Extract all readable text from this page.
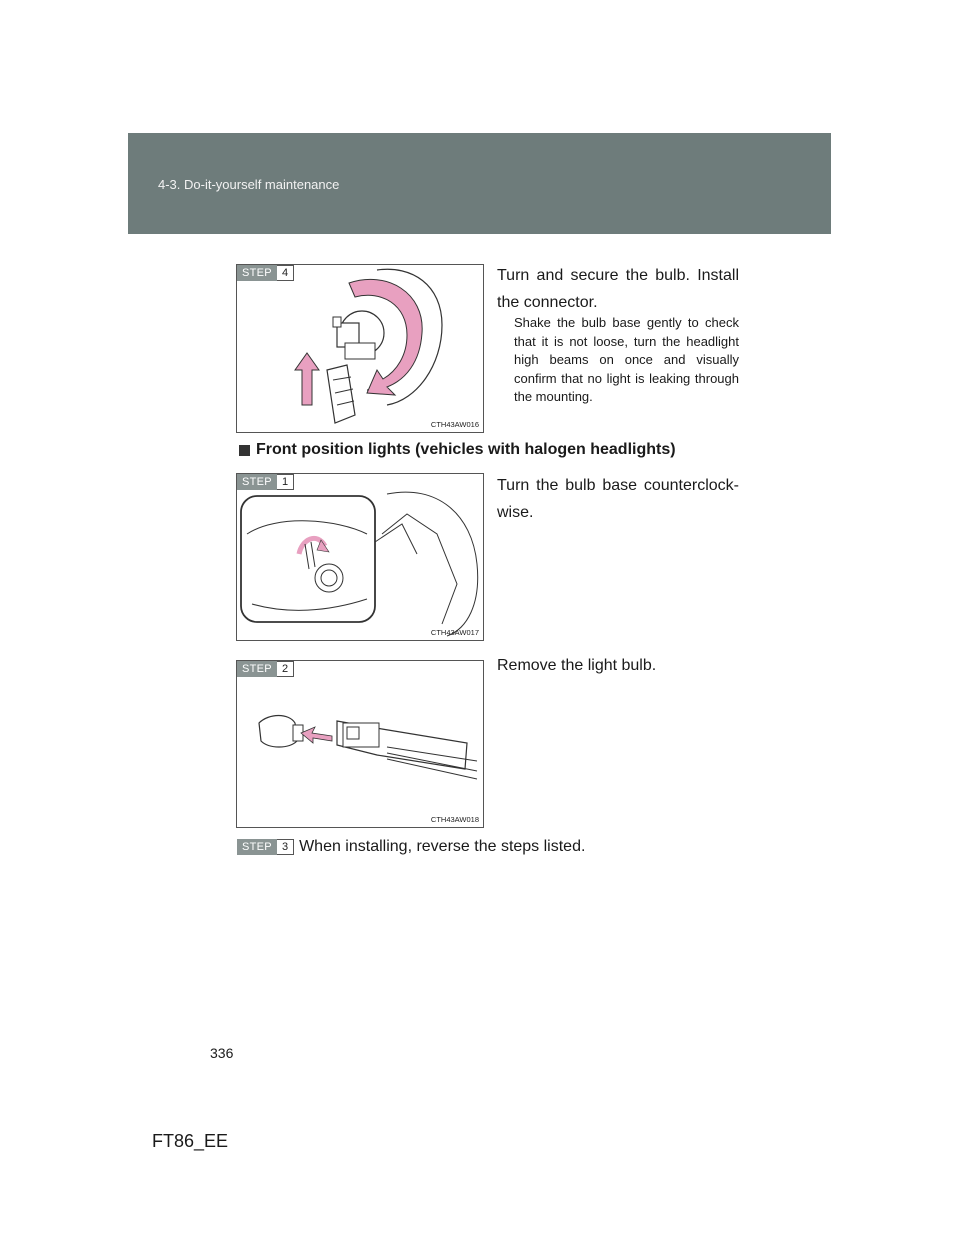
4-3. Do-it-yourself maintenance
STEP 4
CTH43AW016
Turn and secure the bulb. Install the connector.
Shake the bulb base gently to check that it is not loose, turn the headlight high beams on once and visually confirm that no light is leaking through the mounting.
Front position lights (vehicles with halogen headlights)
STEP 1
CTH43AW017
Turn the bulb base counterclock-wise.
STEP 2
CTH43AW018
Remove the light bulb.
STEP 3 When installing, reverse the steps listed.
336
FT86_EE
